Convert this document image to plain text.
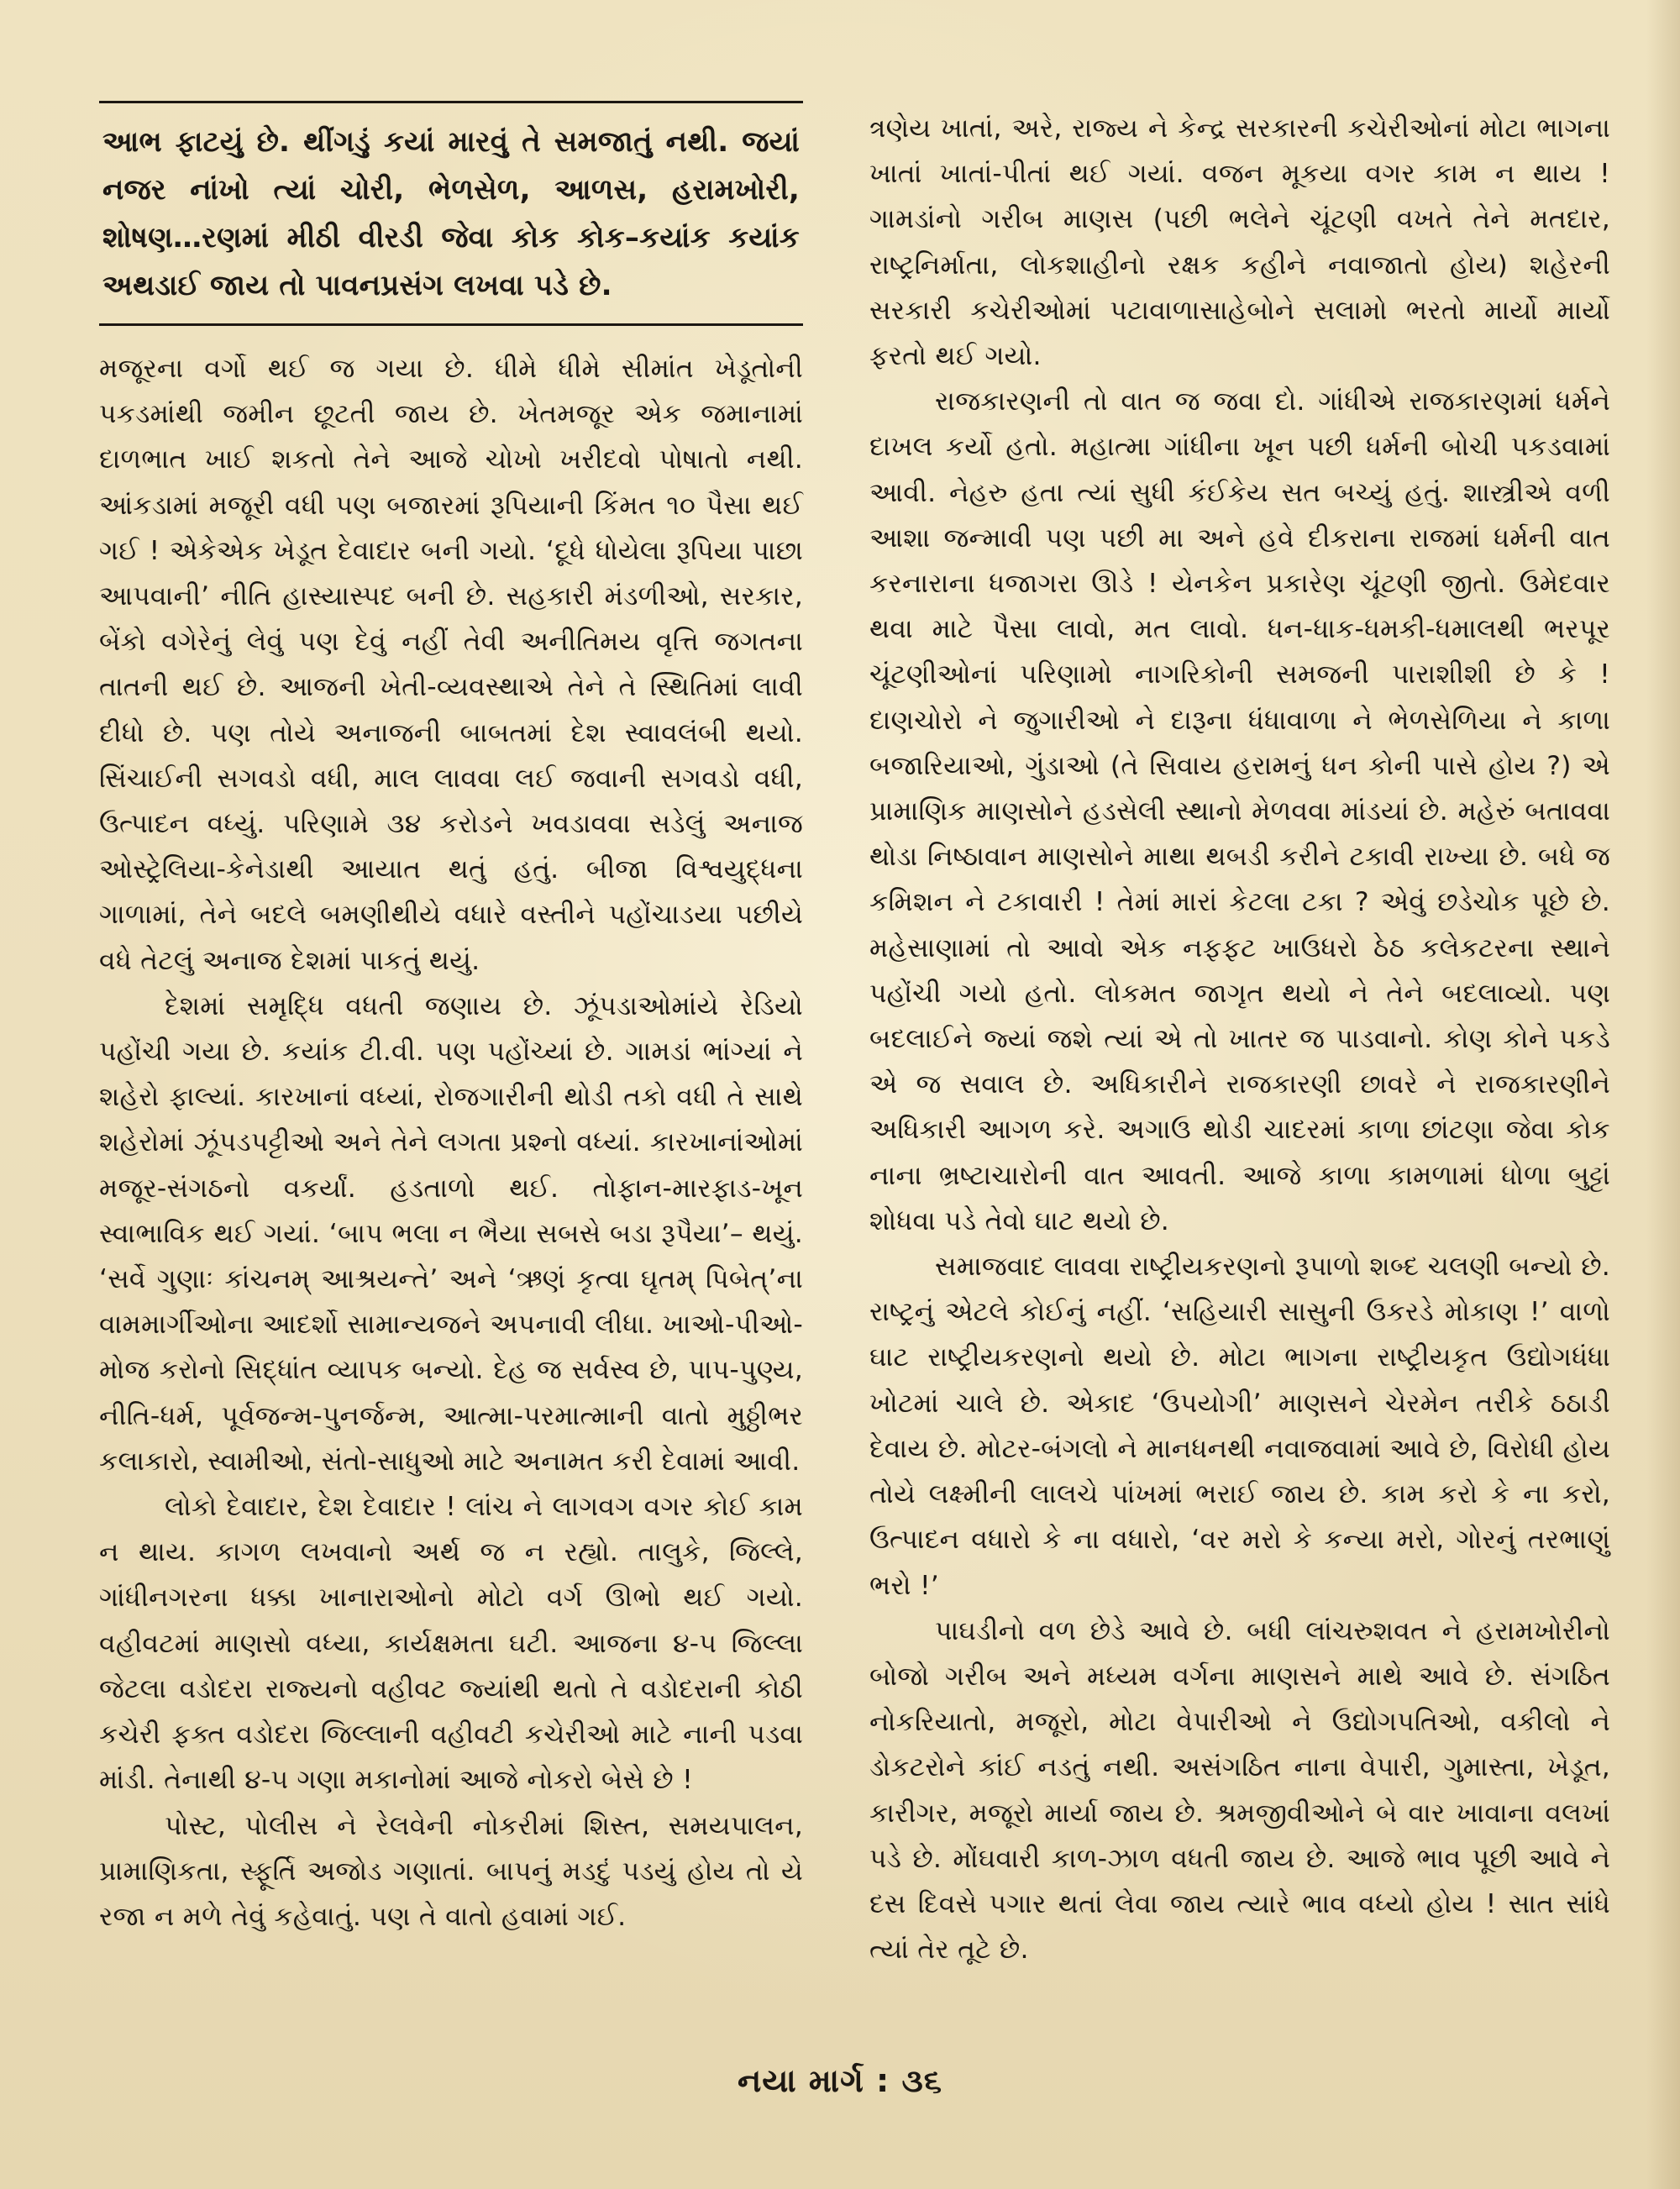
આભ ફાટયું છે. થીંગડું કયાં મારવું તે સમજાતું નથી. જયાં નજર નાંખો ત્યાં ચોરી, ભેળસેળ, આળસ, હરામખોરી, શોષણ…રણમાં મીઠી વીરડી જેવા કોક કોક–કયાંક કયાંક અથડાઈ જાય તો પાવનપ્રસંગ લખવા પડે છે.

મજૂરના વર્ગો થઈ જ ગયા છે. ધીમે ધીમે સીમાંત ખેડૂતોની પકડમાંથી જમીન છૂટતી જાય છે. ખેતમજૂર એક જમાનામાં દાળભાત ખાઈ શકતો તેને આજે ચોખો ખરીદવો પોષાતો નથી. આંકડામાં મજૂરી વધી પણ બજારમાં રૂપિયાની કિંમત ૧૦ પૈસા થઈ ગઈ ! એકેએક ખેડૂત દેવાદાર બની ગયો. ‘દૂધે ધોયેલા રૂપિયા પાછા આપવાની’ નીતિ હાસ્યાસ્પદ બની છે. સહકારી મંડળીઓ, સરકાર, બેંકો વગેરેનું લેવું પણ દેવું નહીં તેવી અનીતિમય વૃત્તિ જગતના તાતની થઈ છે. આજની ખેતી-વ્યવસ્થાએ તેને તે સ્થિતિમાં લાવી દીધો છે. પણ તોયે અનાજની બાબતમાં દેશ સ્વાવલંબી થયો. સિંચાઈની સગવડો વધી, માલ લાવવા લઈ જવાની સગવડો વધી, ઉત્પાદન વધ્યું. પરિણામે ૩૪ કરોડને ખવડાવવા સડેલું અનાજ ઓસ્ટ્રેલિયા-કેનેડાથી આયાત થતું હતું. બીજા વિશ્વયુદ્ધના ગાળામાં, તેને બદલે બમણીથીયે વધારે વસ્તીને પહોંચાડયા પછીયે વધે તેટલું અનાજ દેશમાં પાકતું થયું.

દેશમાં સમૃદ્ધિ વધતી જણાય છે. ઝૂંપડાઓમાંયે રેડિયો પહોંચી ગયા છે. કયાંક ટી.વી. પણ પહોંચ્યાં છે. ગામડાં ભાંગ્યાં ને શહેરો ફાલ્યાં. કારખાનાં વધ્યાં, રોજગારીની થોડી તકો વધી તે સાથે શહેરોમાં ઝૂંપડપટ્ટીઓ અને તેને લગતા પ્રશ્નો વધ્યાં. કારખાનાંઓમાં મજૂર-સંગઠનો વકર્યાં. હડતાળો થઈ. તોફાન-મારફાડ-ખૂન સ્વાભાવિક થઈ ગયાં. ‘બાપ ભલા ન ભૈયા સબસે બડા રૂપૈયા’– થયું. ‘સર્વે ગુણાઃ કાંચનમ્ આશ્રયન્તે’ અને ‘ઋણં કૃત્વા ઘૃતમ્ પિબેત્’ના વામમાર્ગીઓના આદર્શો સામાન્યજને અપનાવી લીધા. ખાઓ-પીઓ-મોજ કરોનો સિદ્ધાંત વ્યાપક બન્યો. દેહ જ સર્વસ્વ છે, પાપ-પુણ્ય, નીતિ-ધર્મ, પૂર્વજન્મ-પુનર્જન્મ, આત્મા-પરમાત્માની વાતો મુઠ્ઠીભર કલાકારો, સ્વામીઓ, સંતો-સાધુઓ માટે અનામત કરી દેવામાં આવી.

લોકો દેવાદાર, દેશ દેવાદાર ! લાંચ ને લાગવગ વગર કોઈ કામ ન થાય. કાગળ લખવાનો અર્થ જ ન રહ્યો. તાલુકે, જિલ્લે, ગાંધીનગરના ધક્કા ખાનારાઓનો મોટો વર્ગ ઊભો થઈ ગયો. વહીવટમાં માણસો વધ્યા, કાર્યક્ષમતા ઘટી. આજના ૪-૫ જિલ્લા જેટલા વડોદરા રાજ્યનો વહીવટ જ્યાંથી થતો તે વડોદરાની કોઠી કચેરી ફક્ત વડોદરા જિલ્લાની વહીવટી કચેરીઓ માટે નાની પડવા માંડી. તેનાથી ૪-૫ ગણા મકાનોમાં આજે નોકરો બેસે છે !

પોસ્ટ, પોલીસ ને રેલવેની નોકરીમાં શિસ્ત, સમયપાલન, પ્રામાણિકતા, સ્ફૂર્તિ અજોડ ગણાતાં. બાપનું મડદું પડયું હોય તો યે રજા ન મળે તેવું કહેવાતું. પણ તે વાતો હવામાં ગઈ.

ત્રણેય ખાતાં, અરે, રાજ્ય ને કેન્દ્ર સરકારની કચેરીઓનાં મોટા ભાગના ખાતાં ખાતાં-પીતાં થઈ ગયાં. વજન મૂકયા વગર કામ ન થાય ! ગામડાંનો ગરીબ માણસ (પછી ભલેને ચૂંટણી વખતે તેને મતદાર, રાષ્ટ્રનિર્માતા, લોકશાહીનો રક્ષક કહીને નવાજાતો હોય) શહેરની સરકારી કચેરીઓમાં પટાવાળાસાહેબોને સલામો ભરતો માર્યો માર્યો ફરતો થઈ ગયો.

રાજકારણની તો વાત જ જવા દો. ગાંધીએ રાજકારણમાં ધર્મને દાખલ કર્યો હતો. મહાત્મા ગાંધીના ખૂન પછી ધર્મની બોચી પકડવામાં આવી. નેહરુ હતા ત્યાં સુધી કંઈકેય સત બચ્યું હતું. શાસ્ત્રીએ વળી આશા જન્માવી પણ પછી મા અને હવે દીકરાના રાજમાં ધર્મની વાત કરનારાના ધજાગરા ઊડે ! યેનકેન પ્રકારેણ ચૂંટણી જીતો. ઉમેદવાર થવા માટે પૈસા લાવો, મત લાવો. ધન-ધાક-ધમકી-ધમાલથી ભરપૂર ચૂંટણીઓનાં પરિણામો નાગરિકોની સમજની પારાશીશી છે કે ! દાણચોરો ને જુગારીઓ ને દારૂના ધંધાવાળા ને ભેળસેળિયા ને કાળા બજારિયાઓ, ગુંડાઓ (તે સિવાય હરામનું ધન કોની પાસે હોય ?) એ પ્રામાણિક માણસોને હડસેલી સ્થાનો મેળવવા માંડયાં છે. મહેરું બતાવવા થોડા નિષ્ઠાવાન માણસોને માથા થબડી કરીને ટકાવી રાખ્યા છે. બધે જ કમિશન ને ટકાવારી ! તેમાં મારાં કેટલા ટકા ? એવું છડેચોક પૂછે છે. મહેસાણામાં તો આવો એક નફફટ ખાઉધરો ઠેઠ કલેકટરના સ્થાને પહોંચી ગયો હતો. લોકમત જાગૃત થયો ને તેને બદલાવ્યો. પણ બદલાઈને જ્યાં જશે ત્યાં એ તો ખાતર જ પાડવાનો. કોણ કોને પકડે એ જ સવાલ છે. અધિકારીને રાજકારણી છાવરે ને રાજકારણીને અધિકારી આગળ કરે. અગાઉ થોડી ચાદરમાં કાળા છાંટણા જેવા કોક નાના ભ્રષ્ટાચારોની વાત આવતી. આજે કાળા કામળામાં ધોળા બુટ્ટાં શોધવા પડે તેવો ઘાટ થયો છે.

સમાજવાદ લાવવા રાષ્ટ્રીયકરણનો રૂપાળો શબ્દ ચલણી બન્યો છે. રાષ્ટ્રનું એટલે કોઈનું નહીં. ‘સહિયારી સાસુની ઉકરડે મોકાણ !’ વાળો ઘાટ રાષ્ટ્રીયકરણનો થયો છે. મોટા ભાગના રાષ્ટ્રીયકૃત ઉદ્યોગધંધા ખોટમાં ચાલે છે. એકાદ ‘ઉપયોગી’ માણસને ચેરમેન તરીકે ઠઠાડી દેવાય છે. મોટર-બંગલો ને માનધનથી નવાજવામાં આવે છે, વિરોધી હોય તોયે લક્ષ્મીની લાલચે પાંખમાં ભરાઈ જાય છે. કામ કરો કે ના કરો, ઉત્પાદન વધારો કે ના વધારો, ‘વર મરો કે કન્યા મરો, ગોરનું તરભાણું ભરો !’

પાઘડીનો વળ છેડે આવે છે. બધી લાંચરુશવત ને હરામખોરીનો બોજો ગરીબ અને મધ્યમ વર્ગના માણસને માથે આવે છે. સંગઠિત નોકરિયાતો, મજૂરો, મોટા વેપારીઓ ને ઉદ્યોગપતિઓ, વકીલો ને ડોકટરોને કાંઈ નડતું નથી. અસંગઠિત નાના વેપારી, ગુમાસ્તા, ખેડૂત, કારીગર, મજૂરો માર્યા જાય છે. શ્રમજીવીઓને બે વાર ખાવાના વલખાં પડે છે. મોંઘવારી કાળ-ઝાળ વધતી જાય છે. આજે ભાવ પૂછી આવે ને દસ દિવસે પગાર થતાં લેવા જાય ત્યારે ભાવ વધ્યો હોય ! સાત સાંધે ત્યાં તેર તૂટે છે.

નયા માર્ગ : ૩૬
